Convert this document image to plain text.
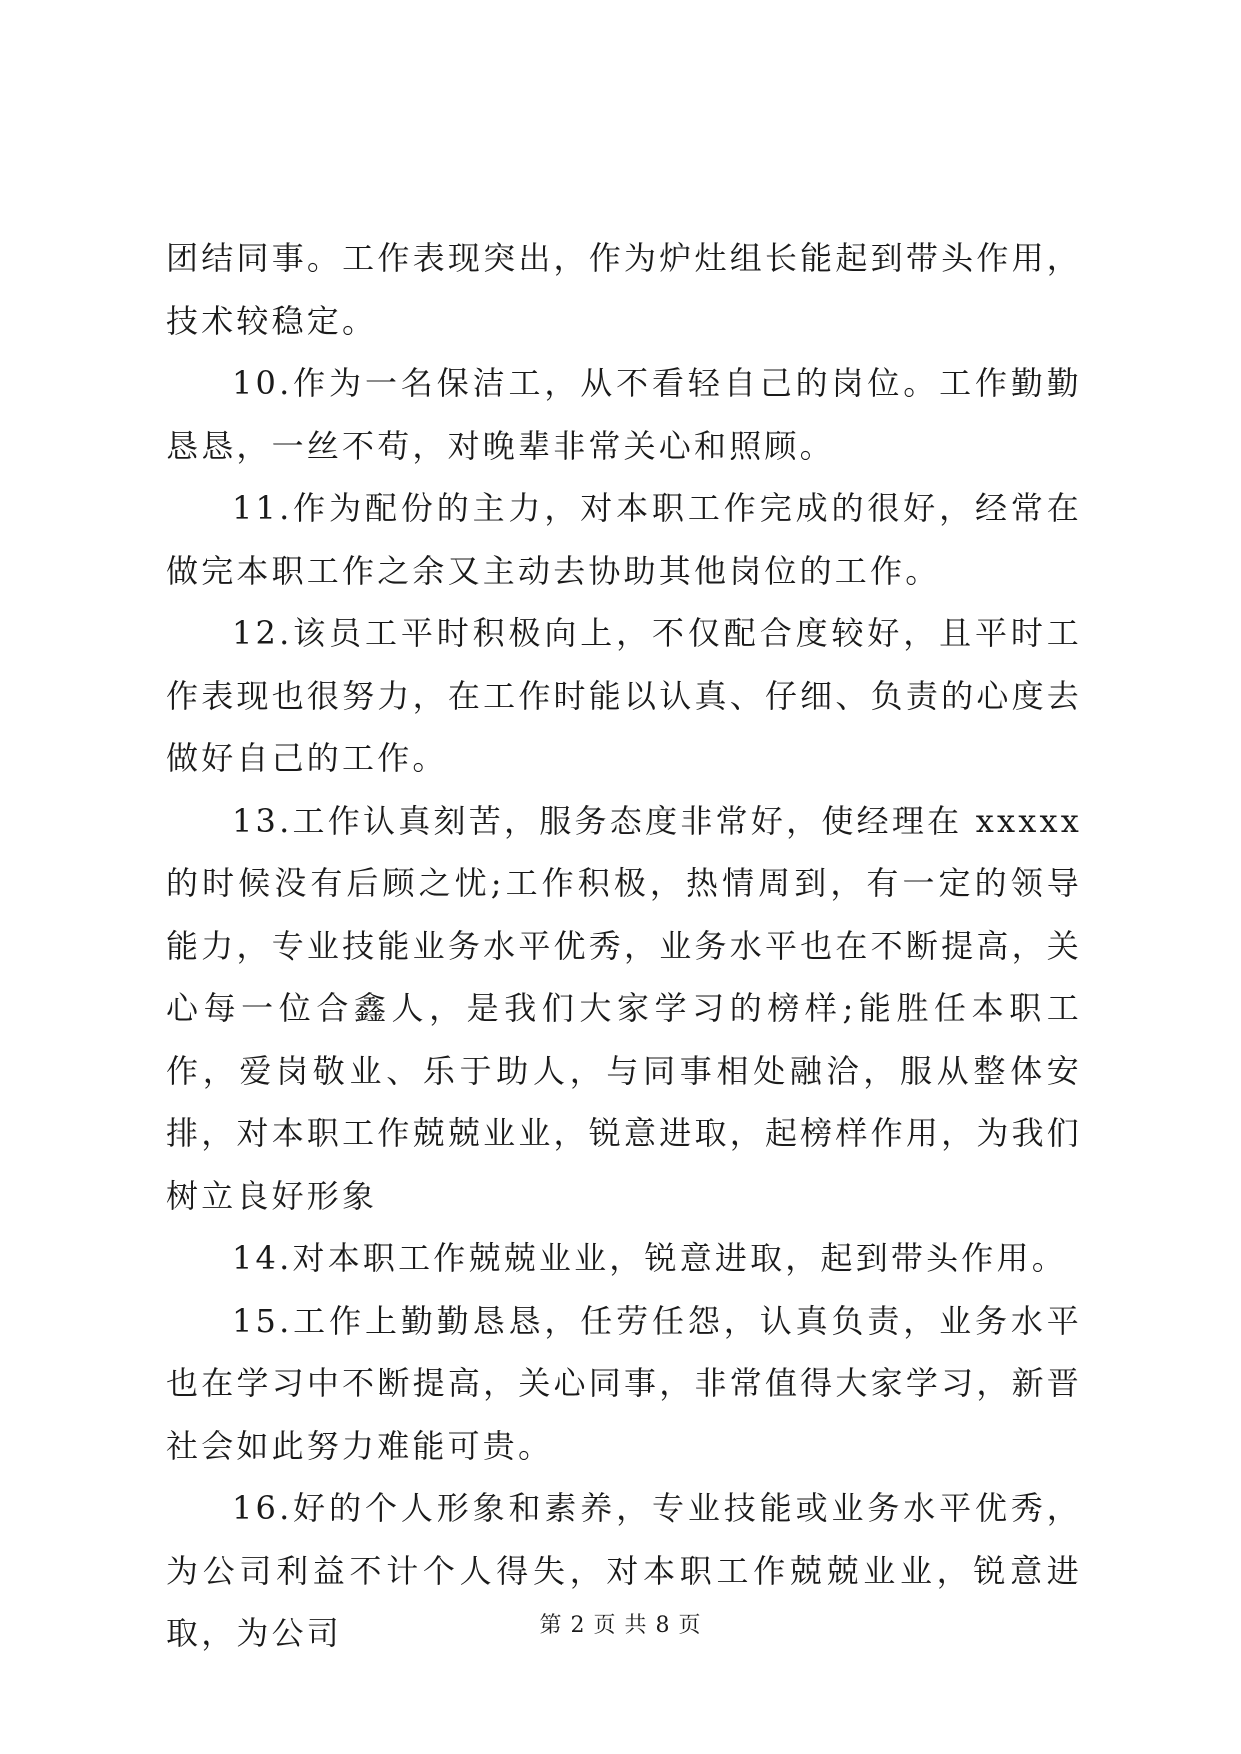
团结同事。工作表现突出，作为炉灶组长能起到带头作用，技术较稳定。

10.作为一名保洁工，从不看轻自己的岗位。工作勤勤恳恳，一丝不苟，对晚辈非常关心和照顾。

11.作为配份的主力，对本职工作完成的很好，经常在做完本职工作之余又主动去协助其他岗位的工作。

12.该员工平时积极向上，不仅配合度较好，且平时工作表现也很努力，在工作时能以认真、仔细、负责的心度去做好自己的工作。

13.工作认真刻苦，服务态度非常好，使经理在 xxxxx 的时候没有后顾之忧;工作积极，热情周到，有一定的领导能力，专业技能业务水平优秀，业务水平也在不断提高，关心每一位合鑫人，是我们大家学习的榜样;能胜任本职工作，爱岗敬业、乐于助人，与同事相处融洽，服从整体安排，对本职工作兢兢业业，锐意进取，起榜样作用，为我们树立良好形象

14.对本职工作兢兢业业，锐意进取，起到带头作用。

15.工作上勤勤恳恳，任劳任怨，认真负责，业务水平也在学习中不断提高，关心同事，非常值得大家学习，新晋社会如此努力难能可贵。

16.好的个人形象和素养，专业技能或业务水平优秀，为公司利益不计个人得失，对本职工作兢兢业业，锐意进取，为公司	第 2 页 共 8 页
